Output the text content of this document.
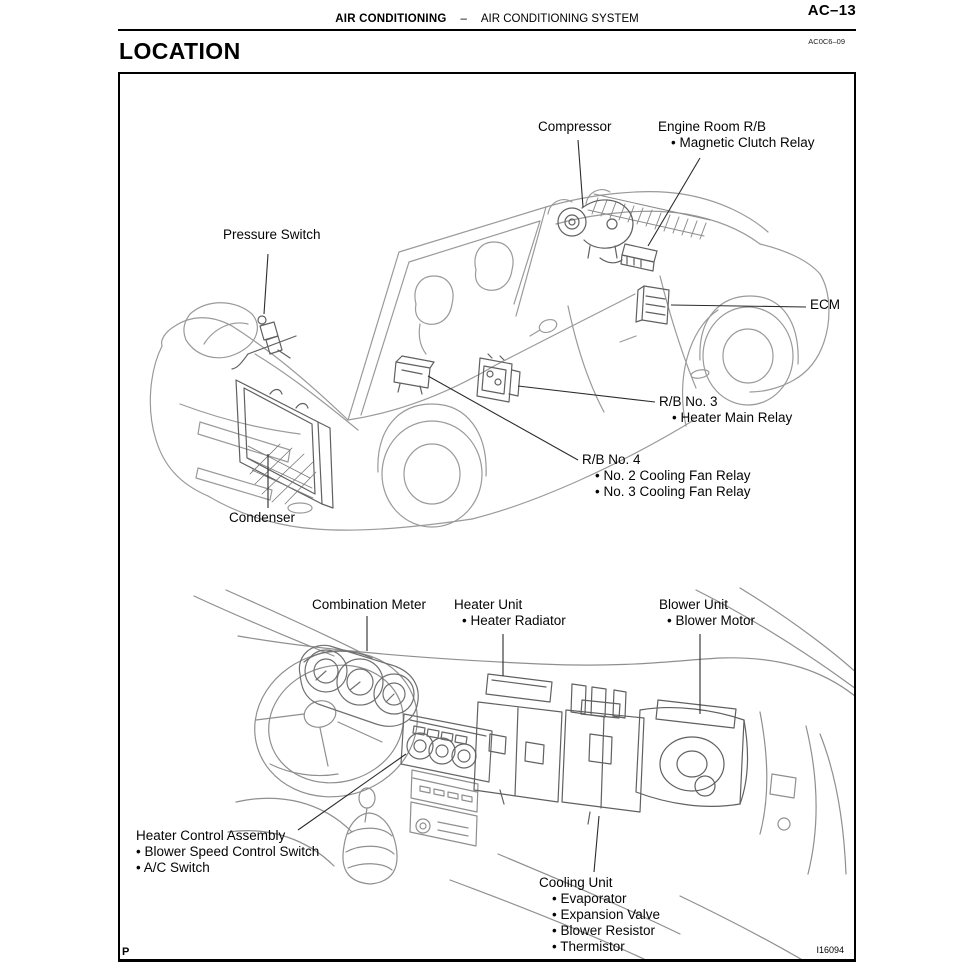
AC–13
AIR CONDITIONING – AIR CONDITIONING SYSTEM
AC0C6–09
LOCATION
Compressor	Engine Room R/B
• Magnetic Clutch Relay
Pressure Switch
ECM
R/B No. 3
• Heater Main Relay
R/B No. 4
• No. 2 Cooling Fan Relay
• No. 3 Cooling Fan Relay
Condenser
Combination Meter Heater Unit
• Heater Radiator
Blower Unit
• Blower Motor
Heater Control Assembly
• Blower Speed Control Switch
• A/C Switch
Cooling Unit
• Evaporator
• Expansion Valve
• Blower Resistor
• Thermistor	I16094
P
